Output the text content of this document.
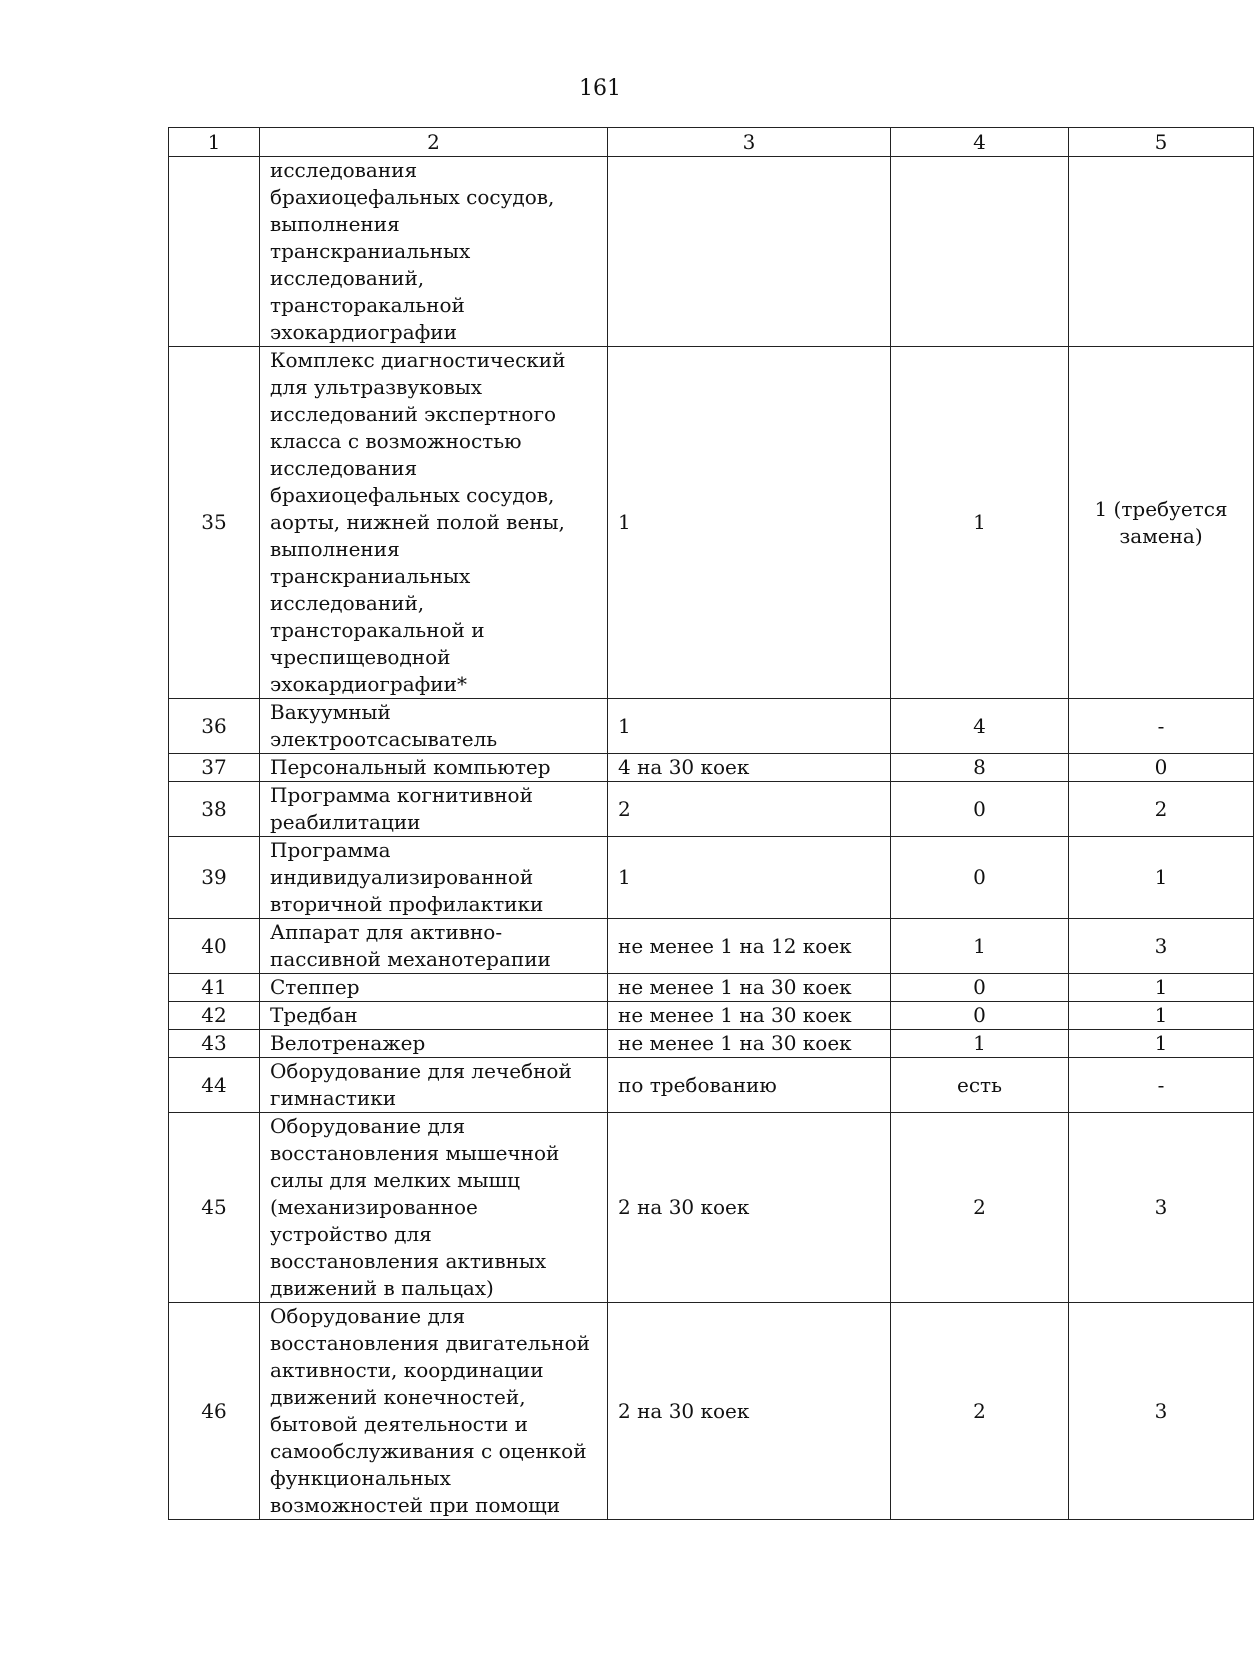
161
1	2	3	4	5
	исследования брахиоцефальных сосудов, выполнения транскраниальных исследований, трансторакальной эхокардиографии			
35	Комплекс диагностический для ультразвуковых исследований экспертного класса с возможностью исследования брахиоцефальных сосудов, аорты, нижней полой вены, выполнения транскраниальных исследований, трансторакальной и чреспищеводной эхокардиографии*	1	1	1 (требуется замена)
36	Вакуумный электроотсасыватель	1	4	-
37	Персональный компьютер	4 на 30 коек	8	0
38	Программа когнитивной реабилитации	2	0	2
39	Программа индивидуализированной вторичной профилактики	1	0	1
40	Аппарат для активно-пассивной механотерапии	не менее 1 на 12 коек	1	3
41	Степпер	не менее 1 на 30 коек	0	1
42	Тредбан	не менее 1 на 30 коек	0	1
43	Велотренажер	не менее 1 на 30 коек	1	1
44	Оборудование для лечебной гимнастики	по требованию	есть	-
45	Оборудование для восстановления мышечной силы для мелких мышц (механизированное устройство для восстановления активных движений в пальцах)	2 на 30 коек	2	3
46	Оборудование для восстановления двигательной активности, координации движений конечностей, бытовой деятельности и самообслуживания с оценкой функциональных возможностей при помощи	2 на 30 коек	2	3
